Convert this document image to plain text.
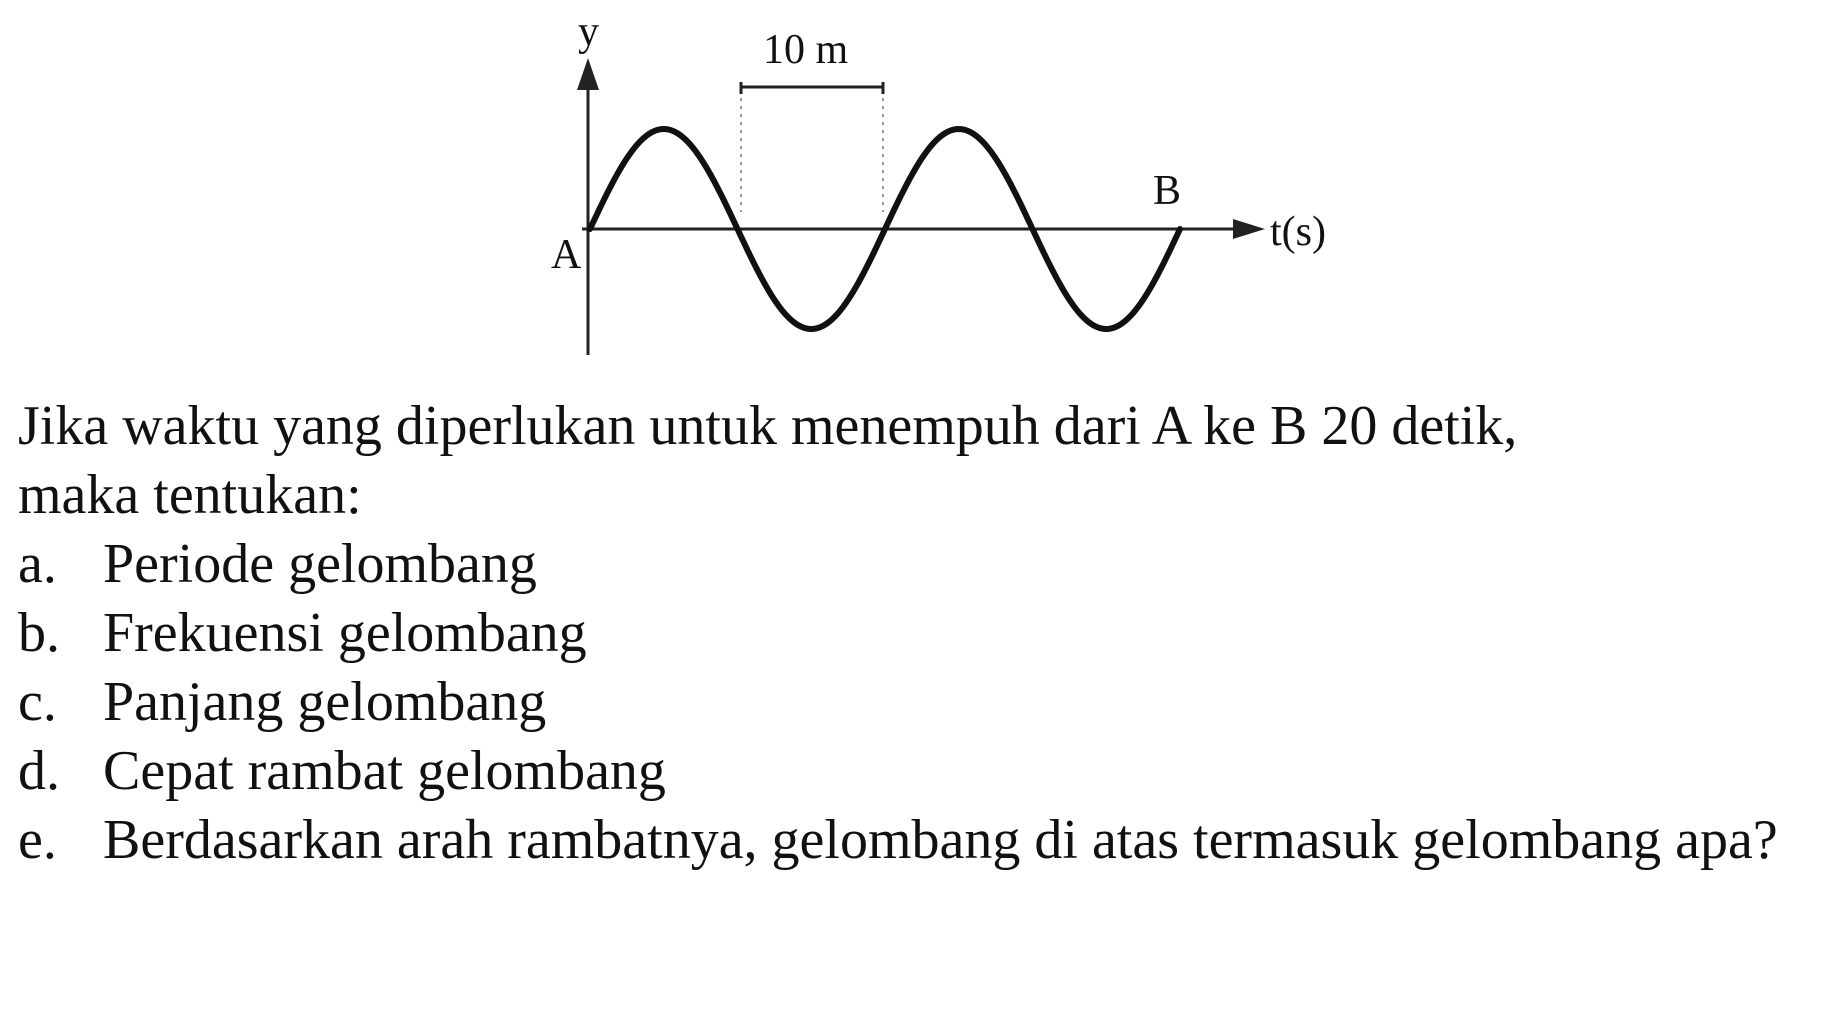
y
t(s)
A
B
10 m

Jika waktu yang diperlukan untuk menempuh dari A ke B 20 detik,
maka tentukan:

a. Periode gelombang
b. Frekuensi gelombang
c. Panjang gelombang
d. Cepat rambat gelombang
e. Berdasarkan arah rambatnya, gelombang di atas termasuk gelombang apa?
